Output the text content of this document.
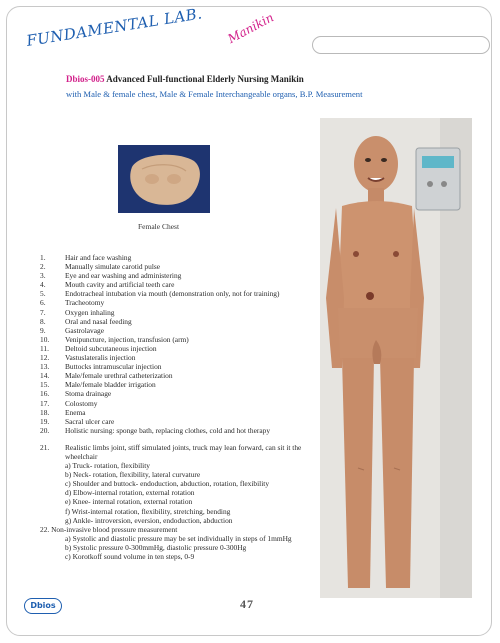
FUNDAMENTAL LAB. Manikin
Dbios-005 Advanced Full-functional Elderly Nursing Manikin
with Male & female chest, Male & Female Interchangeable organs, B.P. Measurement
Female Chest
1.	Hair and face washing
2.	Manually simulate carotid pulse
3.	Eye and ear washing and administering
4.	Mouth cavity and artificial teeth care
5.	Endotracheal intubation via mouth (demonstration only, not for training)
6.	Tracheotomy
7.	Oxygen inhaling
8.	Oral and nasal feeding
9.	Gastrolavage
10.	Venipuncture, injection, transfusion (arm)
11.	Deltoid subcutaneous injection
12.	Vastuslateralis injection
13.	Buttocks intramuscular injection
14.	Male/female urethral catheterization
15.	Male/female bladder irrigation
16.	Stoma drainage
17.	Colostomy
18.	Enema
19.	Sacral ulcer care
20.	Holistic nursing: sponge bath, replacing clothes, cold and hot therapy
21.	Realistic limbs joint, stiff simulated joints, truck may lean forward, can sit it the wheelchair
a) Truck- rotation, flexibility
b) Neck- rotation, flexibility, lateral curvature
c) Shoulder and buttock- endoduction, abduction, rotation, flexibility
d) Elbow-internal rotation, external rotation
e) Knee- internal rotation, external rotation
f) Wrist-internal rotation, flexibility, stretching, bending
g) Ankle- introversion, eversion, endoduction, abduction
22. Non-invasive blood pressure measurement
a) Systolic and diastolic pressure may be set individually in steps of 1mmHg
b) Systolic pressure 0-300mmHg, diastolic pressure 0-300Hg
c) Korotkoff sound volume in ten steps, 0-9
Dbios	47
